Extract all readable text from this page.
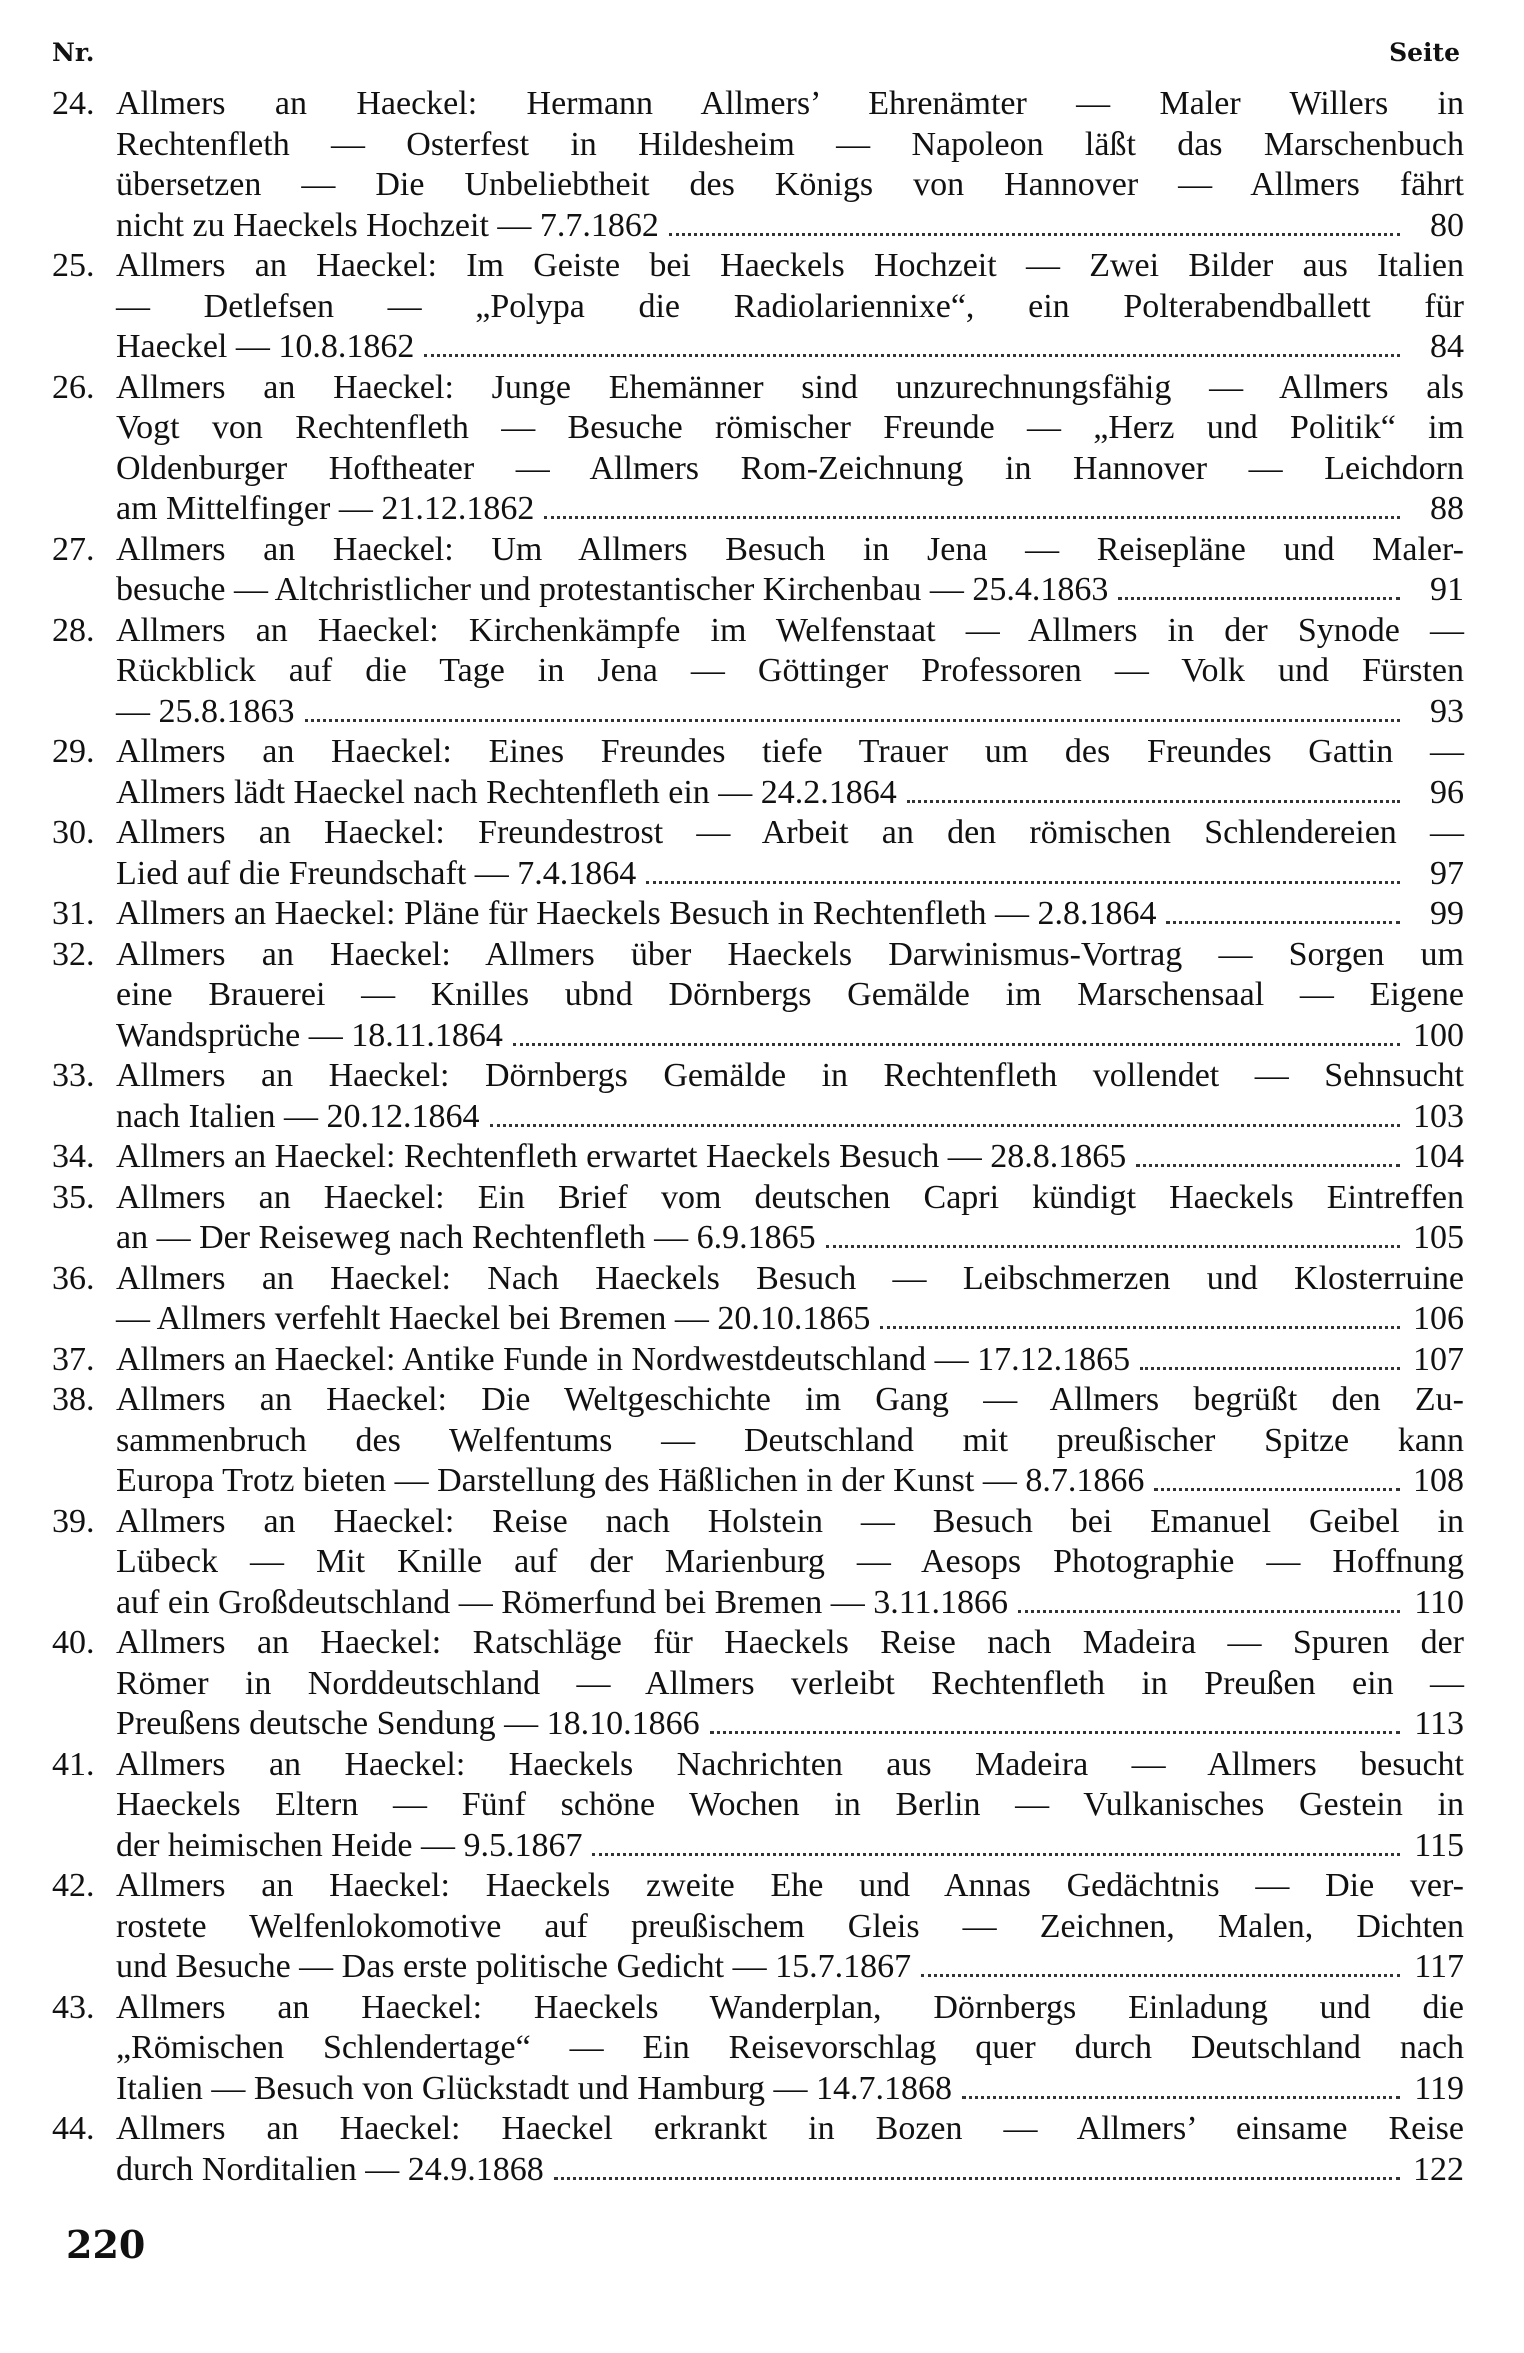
Nr.	Seite
24. Allmers an Haeckel: Hermann Allmers’ Ehrenämter — Maler Willers in
Rechtenfleth — Osterfest in Hildesheim — Napoleon läßt das Marschenbuch
übersetzen — Die Unbeliebtheit des Königs von Hannover — Allmers fährt
nicht zu Haeckels Hochzeit — 7.7.1862	80
25. Allmers an Haeckel: Im Geiste bei Haeckels Hochzeit — Zwei Bilder aus Italien
— Detlefsen — „Polypa die Radiolariennixe“, ein Polterabendballett für
Haeckel — 10.8.1862	84
26. Allmers an Haeckel: Junge Ehemänner sind unzurechnungsfähig — Allmers als
Vogt von Rechtenfleth — Besuche römischer Freunde — „Herz und Politik“ im
Oldenburger Hoftheater — Allmers Rom-Zeichnung in Hannover — Leichdorn
am Mittelfinger — 21.12.1862	88
27. Allmers an Haeckel: Um Allmers Besuch in Jena — Reisepläne und Maler-
besuche — Altchristlicher und protestantischer Kirchenbau — 25.4.1863	91
28. Allmers an Haeckel: Kirchenkämpfe im Welfenstaat — Allmers in der Synode —
Rückblick auf die Tage in Jena — Göttinger Professoren — Volk und Fürsten
— 25.8.1863	93
29. Allmers an Haeckel: Eines Freundes tiefe Trauer um des Freundes Gattin —
Allmers lädt Haeckel nach Rechtenfleth ein — 24.2.1864	96
30. Allmers an Haeckel: Freundestrost — Arbeit an den römischen Schlendereien —
Lied auf die Freundschaft — 7.4.1864	97
31. Allmers an Haeckel: Pläne für Haeckels Besuch in Rechtenfleth — 2.8.1864	99
32. Allmers an Haeckel: Allmers über Haeckels Darwinismus-Vortrag — Sorgen um
eine Brauerei — Knilles ubnd Dörnbergs Gemälde im Marschensaal — Eigene
Wandsprüche — 18.11.1864	100
33. Allmers an Haeckel: Dörnbergs Gemälde in Rechtenfleth vollendet — Sehnsucht
nach Italien — 20.12.1864	103
34. Allmers an Haeckel: Rechtenfleth erwartet Haeckels Besuch — 28.8.1865	104
35. Allmers an Haeckel: Ein Brief vom deutschen Capri kündigt Haeckels Eintreffen
an — Der Reiseweg nach Rechtenfleth — 6.9.1865	105
36. Allmers an Haeckel: Nach Haeckels Besuch — Leibschmerzen und Klosterruine
— Allmers verfehlt Haeckel bei Bremen — 20.10.1865	106
37. Allmers an Haeckel: Antike Funde in Nordwestdeutschland — 17.12.1865	107
38. Allmers an Haeckel: Die Weltgeschichte im Gang — Allmers begrüßt den Zu-
sammenbruch des Welfentums — Deutschland mit preußischer Spitze kann
Europa Trotz bieten — Darstellung des Häßlichen in der Kunst — 8.7.1866	108
39. Allmers an Haeckel: Reise nach Holstein — Besuch bei Emanuel Geibel in
Lübeck — Mit Knille auf der Marienburg — Aesops Photographie — Hoffnung
auf ein Großdeutschland — Römerfund bei Bremen — 3.11.1866	110
40. Allmers an Haeckel: Ratschläge für Haeckels Reise nach Madeira — Spuren der
Römer in Norddeutschland — Allmers verleibt Rechtenfleth in Preußen ein —
Preußens deutsche Sendung — 18.10.1866	113
41. Allmers an Haeckel: Haeckels Nachrichten aus Madeira — Allmers besucht
Haeckels Eltern — Fünf schöne Wochen in Berlin — Vulkanisches Gestein in
der heimischen Heide — 9.5.1867	115
42. Allmers an Haeckel: Haeckels zweite Ehe und Annas Gedächtnis — Die ver-
rostete Welfenlokomotive auf preußischem Gleis — Zeichnen, Malen, Dichten
und Besuche — Das erste politische Gedicht — 15.7.1867	117
43. Allmers an Haeckel: Haeckels Wanderplan, Dörnbergs Einladung und die
„Römischen Schlendertage“ — Ein Reisevorschlag quer durch Deutschland nach
Italien — Besuch von Glückstadt und Hamburg — 14.7.1868	119
44. Allmers an Haeckel: Haeckel erkrankt in Bozen — Allmers’ einsame Reise
durch Norditalien — 24.9.1868	122
220
